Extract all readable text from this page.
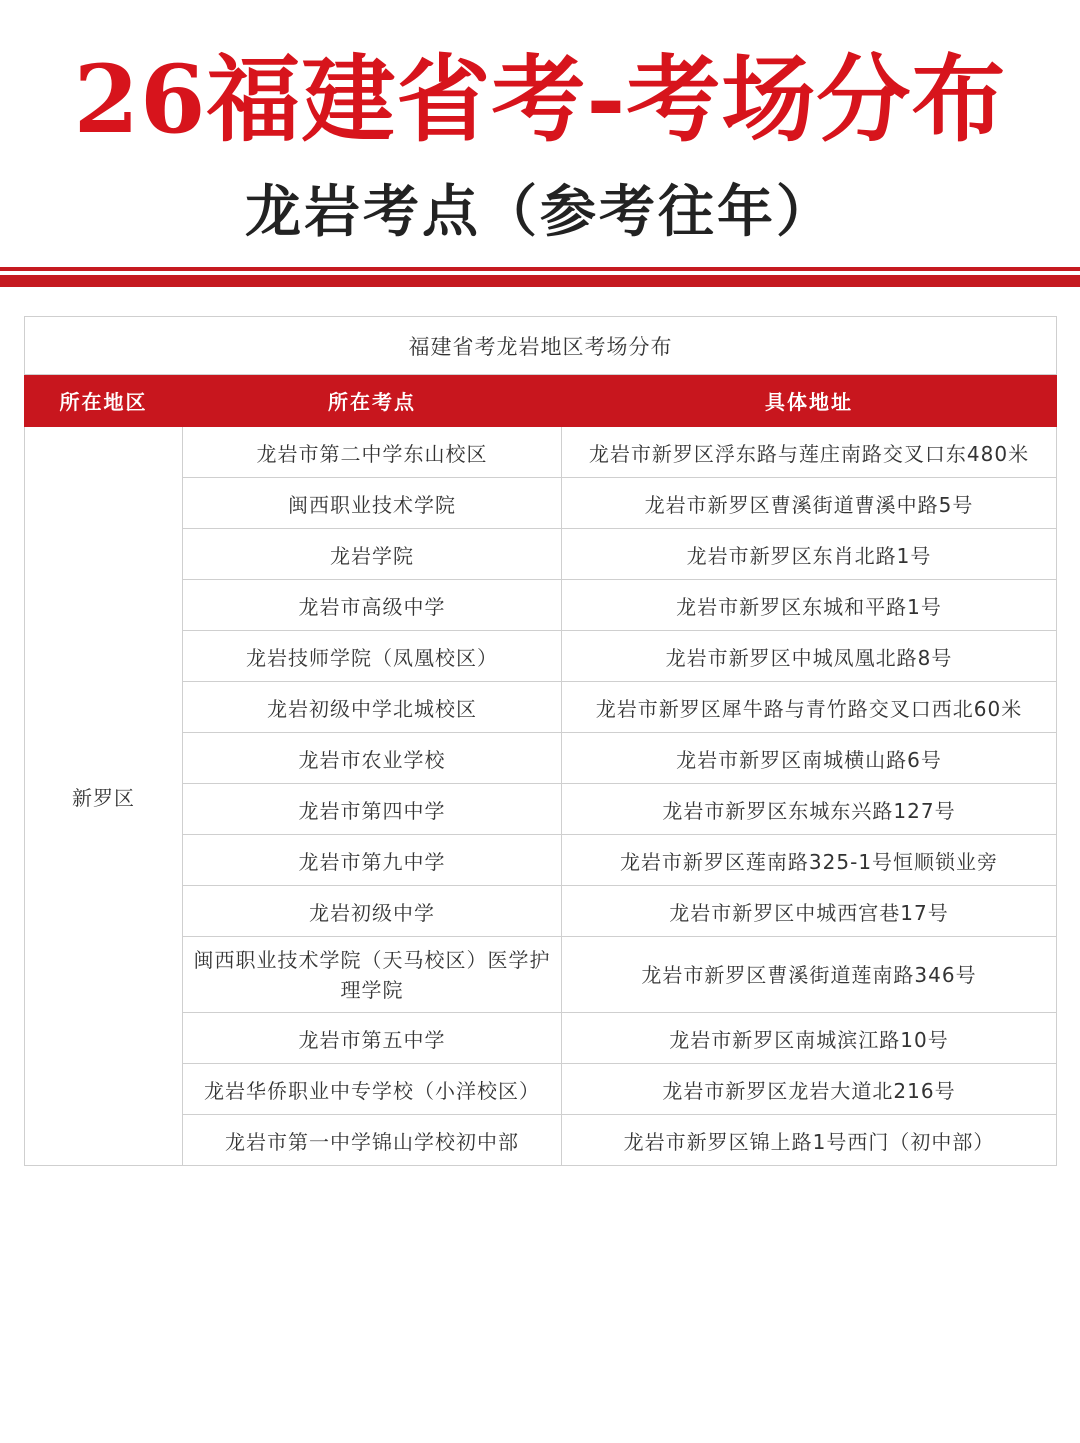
26福建省考-考场分布
龙岩考点（参考往年）
福建省考龙岩地区考场分布		
所在地区	所在考点	具体地址
新罗区	龙岩市第二中学东山校区	龙岩市新罗区浮东路与莲庄南路交叉口东480米
	闽西职业技术学院	龙岩市新罗区曹溪街道曹溪中路5号
	龙岩学院	龙岩市新罗区东肖北路1号
	龙岩市高级中学	龙岩市新罗区东城和平路1号
	龙岩技师学院（凤凰校区）	龙岩市新罗区中城凤凰北路8号
	龙岩初级中学北城校区	龙岩市新罗区犀牛路与青竹路交叉口西北60米
	龙岩市农业学校	龙岩市新罗区南城横山路6号
	龙岩市第四中学	龙岩市新罗区东城东兴路127号
	龙岩市第九中学	龙岩市新罗区莲南路325-1号恒顺锁业旁
	龙岩初级中学	龙岩市新罗区中城西宫巷17号
	闽西职业技术学院（天马校区）医学护理学院	龙岩市新罗区曹溪街道莲南路346号
	龙岩市第五中学	龙岩市新罗区南城滨江路10号
	龙岩华侨职业中专学校（小洋校区）	龙岩市新罗区龙岩大道北216号
	龙岩市第一中学锦山学校初中部	龙岩市新罗区锦上路1号西门（初中部）
